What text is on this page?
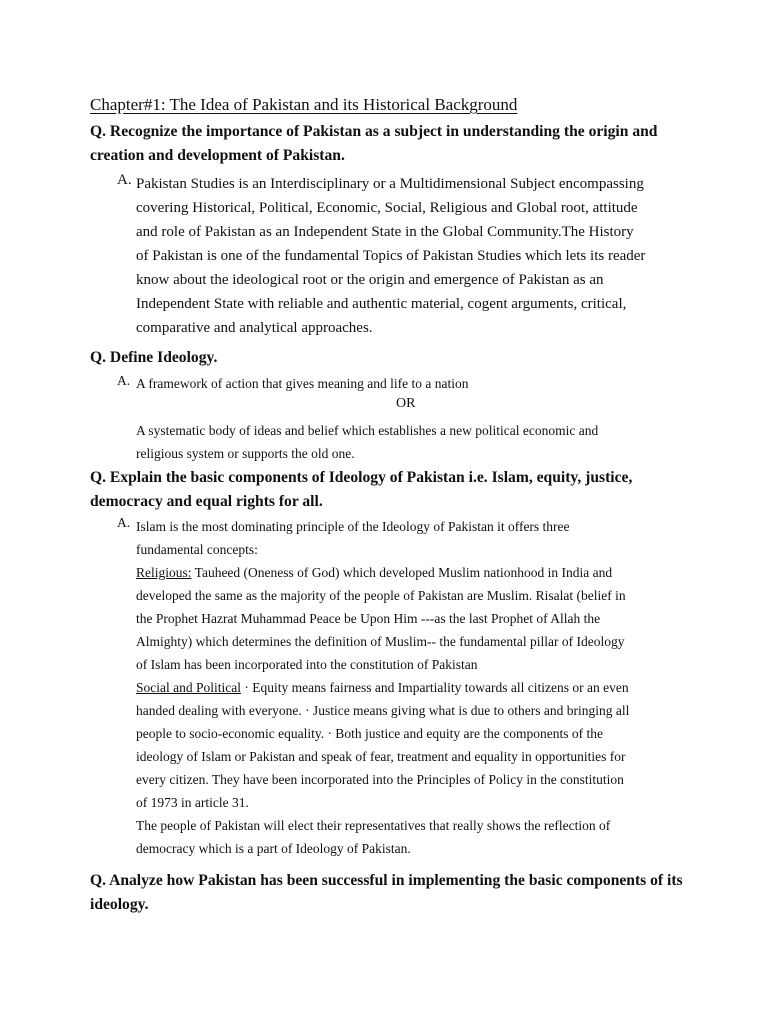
Chapter#1: The Idea of Pakistan and its Historical Background

Q. Recognize the importance of Pakistan as a subject in understanding the origin and

creation and development of Pakistan.

A. Pakistan Studies is an Interdisciplinary or a Multidimensional Subject encompassing

covering Historical, Political, Economic, Social, Religious and Global root, attitude

and role of Pakistan as an Independent State in the Global Community.The History

of Pakistan is one of the fundamental Topics of Pakistan Studies which lets its reader

know about the ideological root or the origin and emergence of Pakistan as an

Independent State with reliable and authentic material, cogent arguments, critical,

comparative and analytical approaches.

Q. Define Ideology.

A. A framework of action that gives meaning and life to a nation

OR

A systematic body of ideas and belief which establishes a new political economic and

religious system or supports the old one.

Q. Explain the basic components of Ideology of Pakistan i.e. Islam, equity, justice,

democracy and equal rights for all.

A. Islam is the most dominating principle of the Ideology of Pakistan it offers three

fundamental concepts:

Religious: Tauheed (Oneness of God) which developed Muslim nationhood in India and

developed the same as the majority of the people of Pakistan are Muslim. Risalat (belief in

the Prophet Hazrat Muhammad Peace be Upon Him ---as the last Prophet of Allah the

Almighty) which determines the definition of Muslim-- the fundamental pillar of Ideology

of Islam has been incorporated into the constitution of Pakistan

Social and Political · Equity means fairness and Impartiality towards all citizens or an even

handed dealing with everyone. · Justice means giving what is due to others and bringing all

people to socio-economic equality. · Both justice and equity are the components of the

ideology of Islam or Pakistan and speak of fear, treatment and equality in opportunities for

every citizen. They have been incorporated into the Principles of Policy in the constitution

of 1973 in article 31.

The people of Pakistan will elect their representatives that really shows the reflection of

democracy which is a part of Ideology of Pakistan.

Q. Analyze how Pakistan has been successful in implementing the basic components of its

ideology.
